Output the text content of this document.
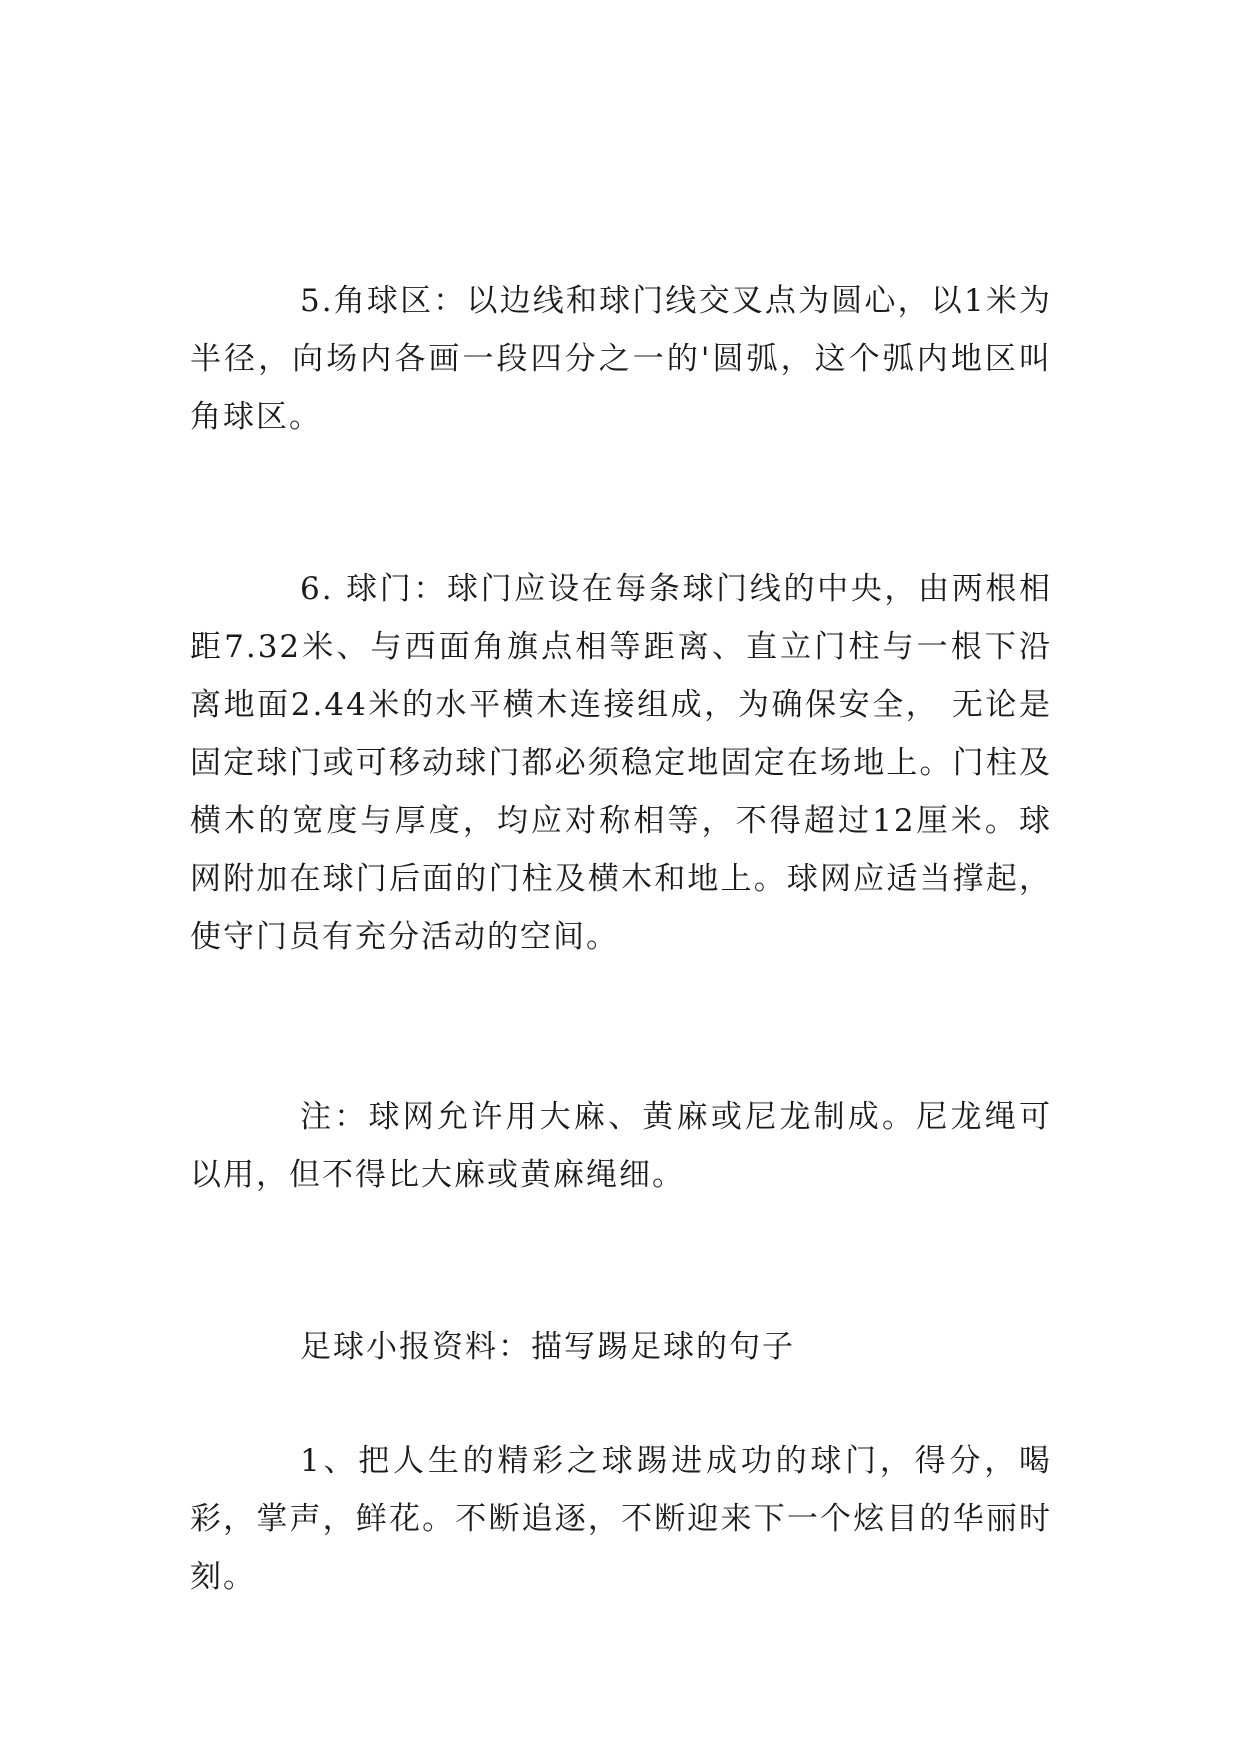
5.角球区：以边线和球门线交叉点为圆心，以1米为半径，向场内各画一段四分之一的'圆弧，这个弧内地区叫角球区。

6. 球门：球门应设在每条球门线的中央，由两根相距7.32米、与西面角旗点相等距离、直立门柱与一根下沿离地面2.44米的水平横木连接组成，为确保安全， 无论是固定球门或可移动球门都必须稳定地固定在场地上。门柱及横木的宽度与厚度，均应对称相等，不得超过12厘米。球网附加在球门后面的门柱及横木和地上。球网应适当撑起，使守门员有充分活动的空间。

注：球网允许用大麻、黄麻或尼龙制成。尼龙绳可以用，但不得比大麻或黄麻绳细。

足球小报资料：描写踢足球的句子

1、把人生的精彩之球踢进成功的球门，得分，喝彩，掌声，鲜花。不断追逐，不断迎来下一个炫目的华丽时刻。
